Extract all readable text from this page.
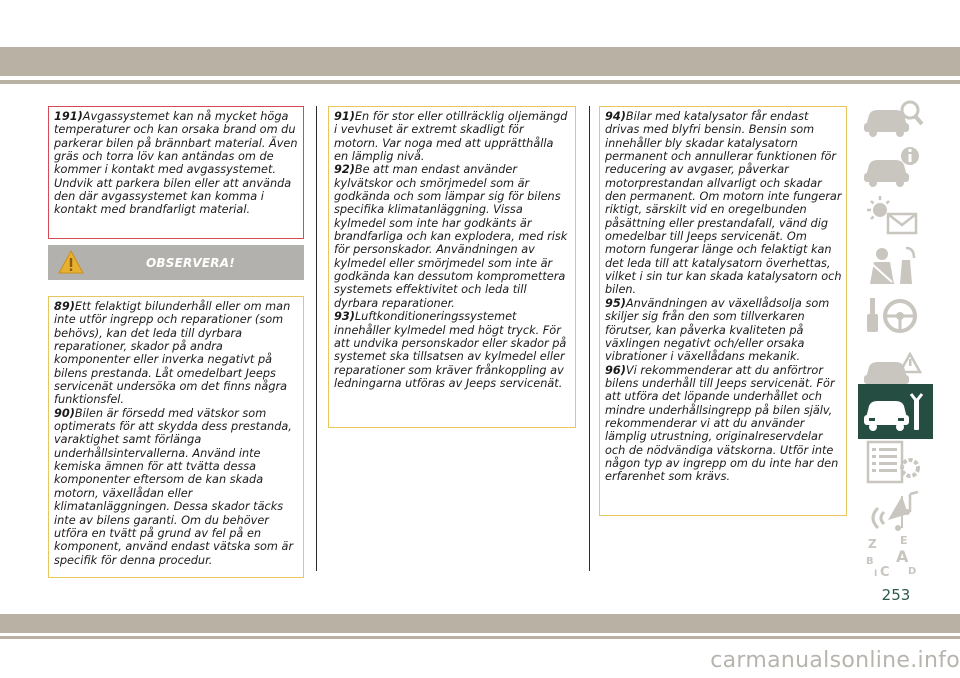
191)Avgassystemet kan nå mycket höga temperaturer och kan orsaka brand om du parkerar bilen på brännbart material. Även gräs och torra löv kan antändas om de kommer i kontakt med avgassystemet. Undvik att parkera bilen eller att använda den där avgassystemet kan komma i kontakt med brandfarligt material.

OBSERVERA!

89)Ett felaktigt bilunderhåll eller om man inte utför ingrepp och reparationer (som behövs), kan det leda till dyrbara reparationer, skador på andra komponenter eller inverka negativt på bilens prestanda. Låt omedelbart Jeeps servicenät undersöka om det finns några funktionsfel.

90)Bilen är försedd med vätskor som optimerats för att skydda dess prestanda, varaktighet samt förlänga underhållsintervallerna. Använd inte kemiska ämnen för att tvätta dessa komponenter eftersom de kan skada motorn, växellådan eller klimatanläggningen. Dessa skador täcks inte av bilens garanti. Om du behöver utföra en tvätt på grund av fel på en komponent, använd endast vätska som är specifik för denna procedur.

91)En för stor eller otillräcklig oljemängd i vevhuset är extremt skadligt för motorn. Var noga med att upprätthålla en lämplig nivå.

92)Be att man endast använder kylvätskor och smörjmedel som är godkända och som lämpar sig för bilens specifika klimatanläggning. Vissa kylmedel som inte har godkänts är brandfarliga och kan explodera, med risk för personskador. Användningen av kylmedel eller smörjmedel som inte är godkända kan dessutom kompromettera systemets effektivitet och leda till dyrbara reparationer.

93)Luftkonditioneringssystemet innehåller kylmedel med högt tryck. För att undvika personskador eller skador på systemet ska tillsatsen av kylmedel eller reparationer som kräver frånkoppling av ledningarna utföras av Jeeps servicenät.

94)Bilar med katalysator får endast drivas med blyfri bensin. Bensin som innehåller bly skadar katalysatorn permanent och annullerar funktionen för reducering av avgaser, påverkar motorprestandan allvarligt och skadar den permanent. Om motorn inte fungerar riktigt, särskilt vid en oregelbunden påsättning eller prestandafall, vänd dig omedelbar till Jeeps servicenät. Om motorn fungerar länge och felaktigt kan det leda till att katalysatorn överhettas, vilket i sin tur kan skada katalysatorn och bilen.

95)Användningen av växellådsolja som skiljer sig från den som tillverkaren förutser, kan påverka kvaliteten på växlingen negativt och/eller orsaka vibrationer i växellådans mekanik.

96)Vi rekommenderar att du anförtror bilens underhåll till Jeeps servicenät. För att utföra det löpande underhållet och mindre underhållsingrepp på bilen själv, rekommenderar vi att du använder lämplig utrustning, originalreservdelar och de nödvändiga vätskorna. Utför inte någon typ av ingrepp om du inte har den erfarenhet som krävs.

Z E
B A
C D
I
253
carmanualsonline.info
